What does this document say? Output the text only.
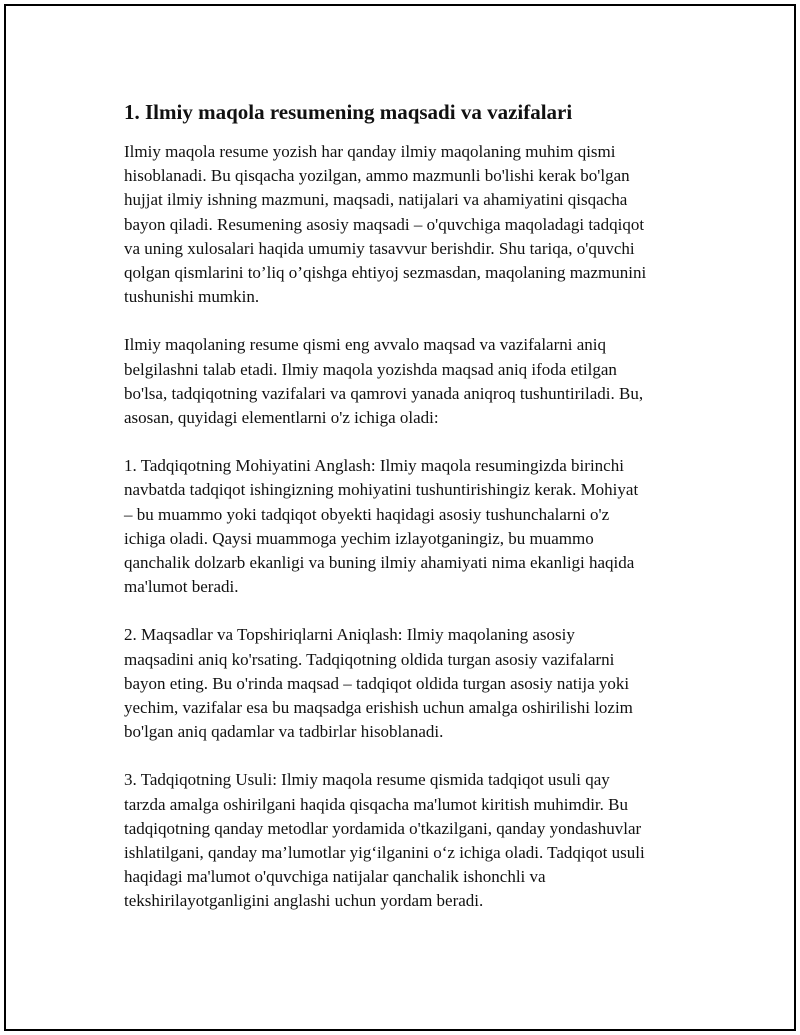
1. Ilmiy maqola resumening maqsadi va vazifalari

Ilmiy maqola resume yozish har qanday ilmiy maqolaning muhim qismi
hisoblanadi. Bu qisqacha yozilgan, ammo mazmunli bo'lishi kerak bo'lgan
hujjat ilmiy ishning mazmuni, maqsadi, natijalari va ahamiyatini qisqacha
bayon qiladi. Resumening asosiy maqsadi – o'quvchiga maqoladagi tadqiqot
va uning xulosalari haqida umumiy tasavvur berishdir. Shu tariqa, o'quvchi
qolgan qismlarini to’liq o’qishga ehtiyoj sezmasdan, maqolaning mazmunini
tushunishi mumkin.

Ilmiy maqolaning resume qismi eng avvalo maqsad va vazifalarni aniq
belgilashni talab etadi. Ilmiy maqola yozishda maqsad aniq ifoda etilgan
bo'lsa, tadqiqotning vazifalari va qamrovi yanada aniqroq tushuntiriladi. Bu,
asosan, quyidagi elementlarni o'z ichiga oladi:

1. Tadqiqotning Mohiyatini Anglash: Ilmiy maqola resumingizda birinchi
navbatda tadqiqot ishingizning mohiyatini tushuntirishingiz kerak. Mohiyat
– bu muammo yoki tadqiqot obyekti haqidagi asosiy tushunchalarni o'z
ichiga oladi. Qaysi muammoga yechim izlayotganingiz, bu muammo
qanchalik dolzarb ekanligi va buning ilmiy ahamiyati nima ekanligi haqida
ma'lumot beradi.

2. Maqsadlar va Topshiriqlarni Aniqlash: Ilmiy maqolaning asosiy
maqsadini aniq ko'rsating. Tadqiqotning oldida turgan asosiy vazifalarni
bayon eting. Bu o'rinda maqsad – tadqiqot oldida turgan asosiy natija yoki
yechim, vazifalar esa bu maqsadga erishish uchun amalga oshirilishi lozim
bo'lgan aniq qadamlar va tadbirlar hisoblanadi.

3. Tadqiqotning Usuli: Ilmiy maqola resume qismida tadqiqot usuli qay
tarzda amalga oshirilgani haqida qisqacha ma'lumot kiritish muhimdir. Bu
tadqiqotning qanday metodlar yordamida o'tkazilgani, qanday yondashuvlar
ishlatilgani, qanday ma’lumotlar yig‘ilganini o‘z ichiga oladi. Tadqiqot usuli
haqidagi ma'lumot o'quvchiga natijalar qanchalik ishonchli va
tekshirilayotganligini anglashi uchun yordam beradi.
